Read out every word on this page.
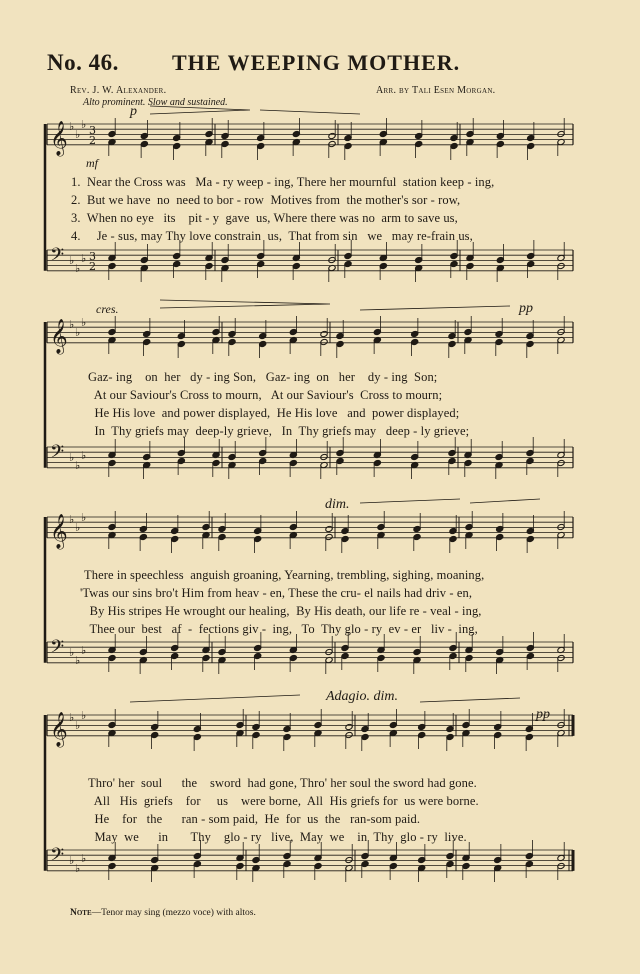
No. 46. THE WEEPING MOTHER.
Rev. J. W. Alexander.	Arr. by Tali Esen Morgan.
Alto prominent. Slow and sustained.
𝄞 ♭
♭
♭ 3
2
𝄢 ♭
♭
♭ 3
2
𝄞 ♭
♭
♭
𝄢 ♭
♭
♭
𝄞 ♭
♭
♭
𝄢 ♭
♭
♭
𝄞 ♭
♭
♭
𝄢 ♭
♭
♭
p
mf
cres.	pp
dim.
Adagio. dim.
pp
1.  Near the Cross was   Ma - ry weep - ing, There her mournful  station keep - ing,
2.  But we have  no  need to bor - row  Motives from  the mother's sor - row,
3.  When no eye   its    pit - y  gave  us, Where there was no  arm to save us,
4.     Je - sus, may Thy love constrain  us,  That from sin   we   may re-frain us,
Gaz- ing    on  her   dy - ing Son,   Gaz- ing  on   her    dy - ing  Son;
At our Saviour's Cross to mourn,   At our Saviour's  Cross to mourn;
He His love  and power displayed,  He His love   and  power displayed;
In  Thy griefs may  deep-ly grieve,   In  Thy griefs may   deep - ly grieve;
There in speechless  anguish groaning, Yearning, trembling, sighing, moaning,
'Twas our sins bro't Him from heav - en, These the cru- el nails had driv - en,
By His stripes He wrought our healing,  By His death, our life re - veal - ing,
Thee our  best   af  -  fections giv -  ing,   To  Thy glo - ry  ev - er   liv -  ing,
Thro' her  soul      the    sword  had gone, Thro' her soul the sword had gone.
All   His  griefs    for     us    were borne,  All  His griefs for  us were borne.
He    for   the      ran - som paid,  He  for  us  the   ran-som paid.
May  we      in       Thy    glo - ry   live,  May  we    in  Thy  glo - ry  live.
Note—Tenor may sing (mezzo voce) with altos.
